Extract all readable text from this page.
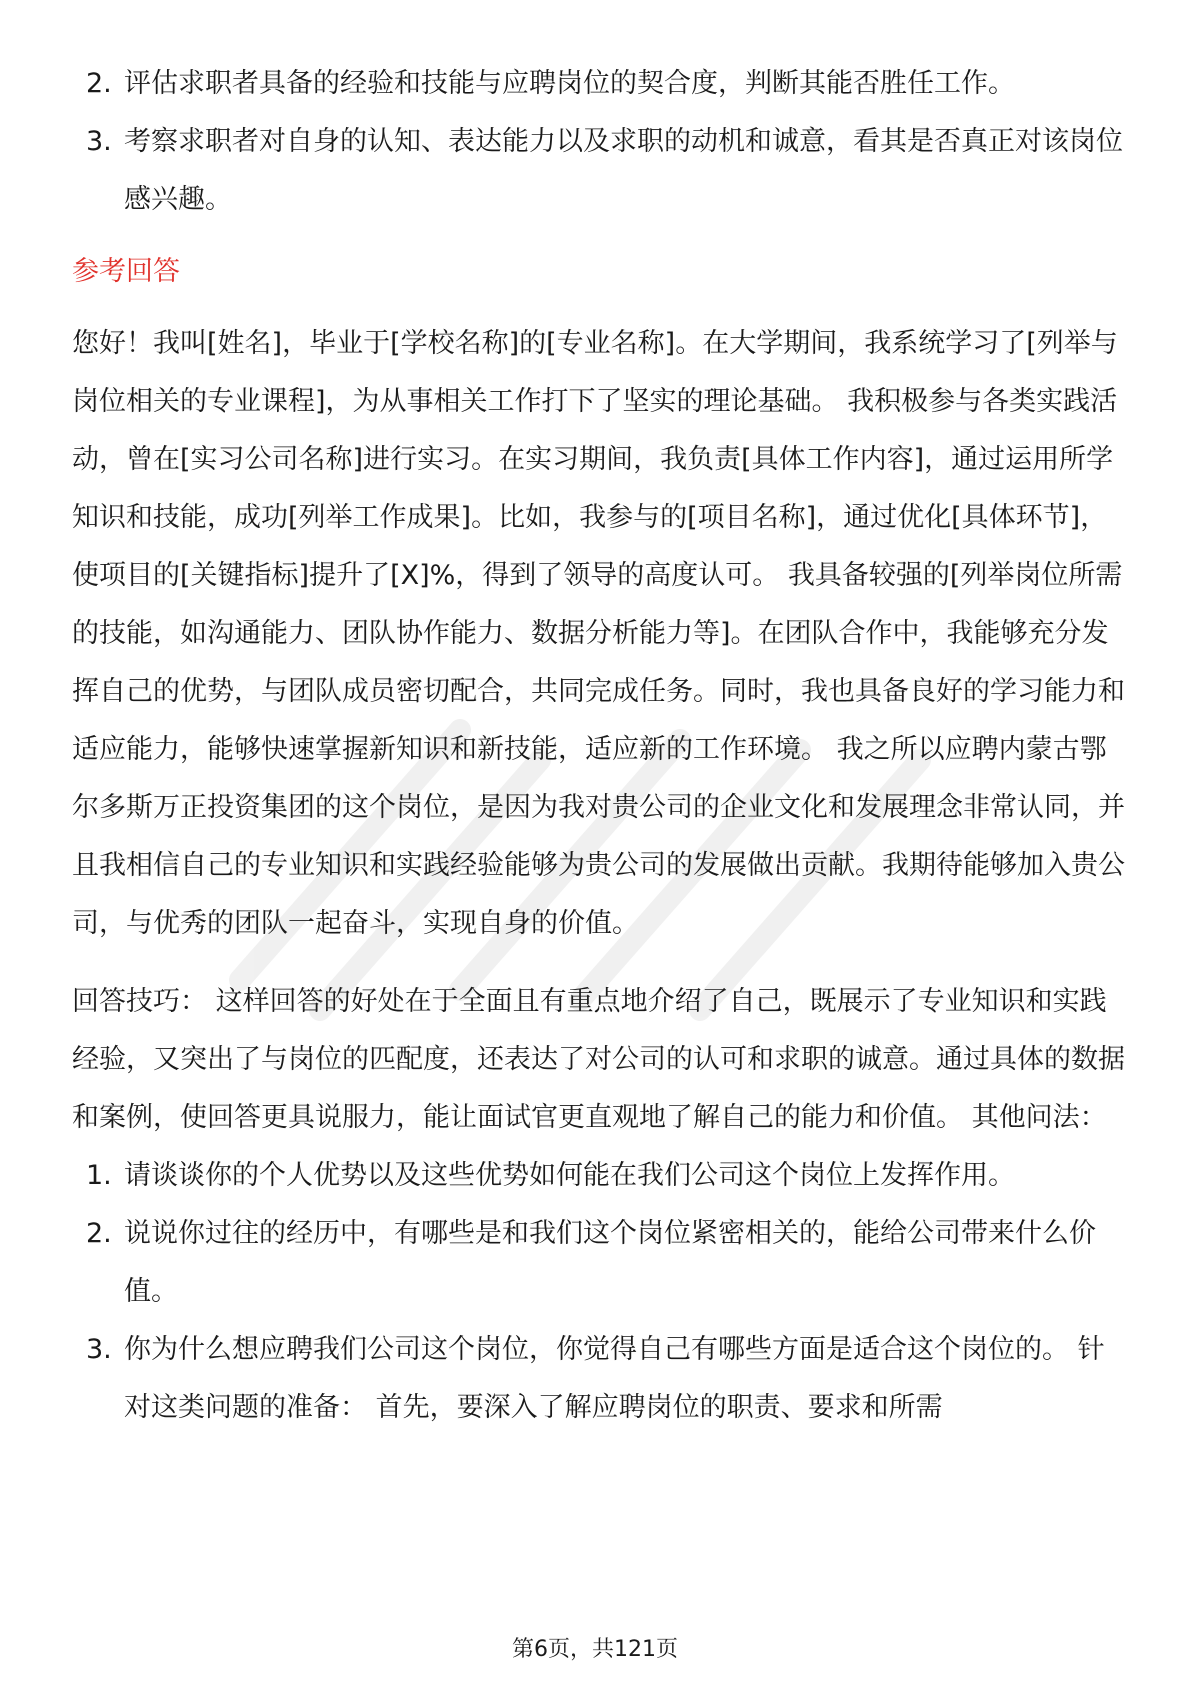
2. 评估求职者具备的经验和技能与应聘岗位的契合度，判断其能否胜任工作。
3. 考察求职者对自身的认知、表达能力以及求职的动机和诚意，看其是否真正对该岗位感兴趣。
参考回答

您好！我叫[姓名]，毕业于[学校名称]的[专业名称]。在大学期间，我系统学习了[列举与岗位相关的专业课程]，为从事相关工作打下了坚实的理论基础。 我积极参与各类实践活动，曾在[实习公司名称]进行实习。在实习期间，我负责[具体工作内容]，通过运用所学知识和技能，成功[列举工作成果]。比如，我参与的[项目名称]，通过优化[具体环节]，使项目的[关键指标]提升了[X]%，得到了领导的高度认可。 我具备较强的[列举岗位所需的技能，如沟通能力、团队协作能力、数据分析能力等]。在团队合作中，我能够充分发挥自己的优势，与团队成员密切配合，共同完成任务。同时，我也具备良好的学习能力和适应能力，能够快速掌握新知识和新技能，适应新的工作环境。 我之所以应聘内蒙古鄂尔多斯万正投资集团的这个岗位，是因为我对贵公司的企业文化和发展理念非常认同，并且我相信自己的专业知识和实践经验能够为贵公司的发展做出贡献。我期待能够加入贵公司，与优秀的团队一起奋斗，实现自身的价值。

回答技巧： 这样回答的好处在于全面且有重点地介绍了自己，既展示了专业知识和实践经验，又突出了与岗位的匹配度，还表达了对公司的认可和求职的诚意。通过具体的数据和案例，使回答更具说服力，能让面试官更直观地了解自己的能力和价值。 其他问法：

1. 请谈谈你的个人优势以及这些优势如何能在我们公司这个岗位上发挥作用。
2. 说说你过往的经历中，有哪些是和我们这个岗位紧密相关的，能给公司带来什么价值。
3. 你为什么想应聘我们公司这个岗位，你觉得自己有哪些方面是适合这个岗位的。 针对这类问题的准备： 首先，要深入了解应聘岗位的职责、要求和所需
第6页，共121页
